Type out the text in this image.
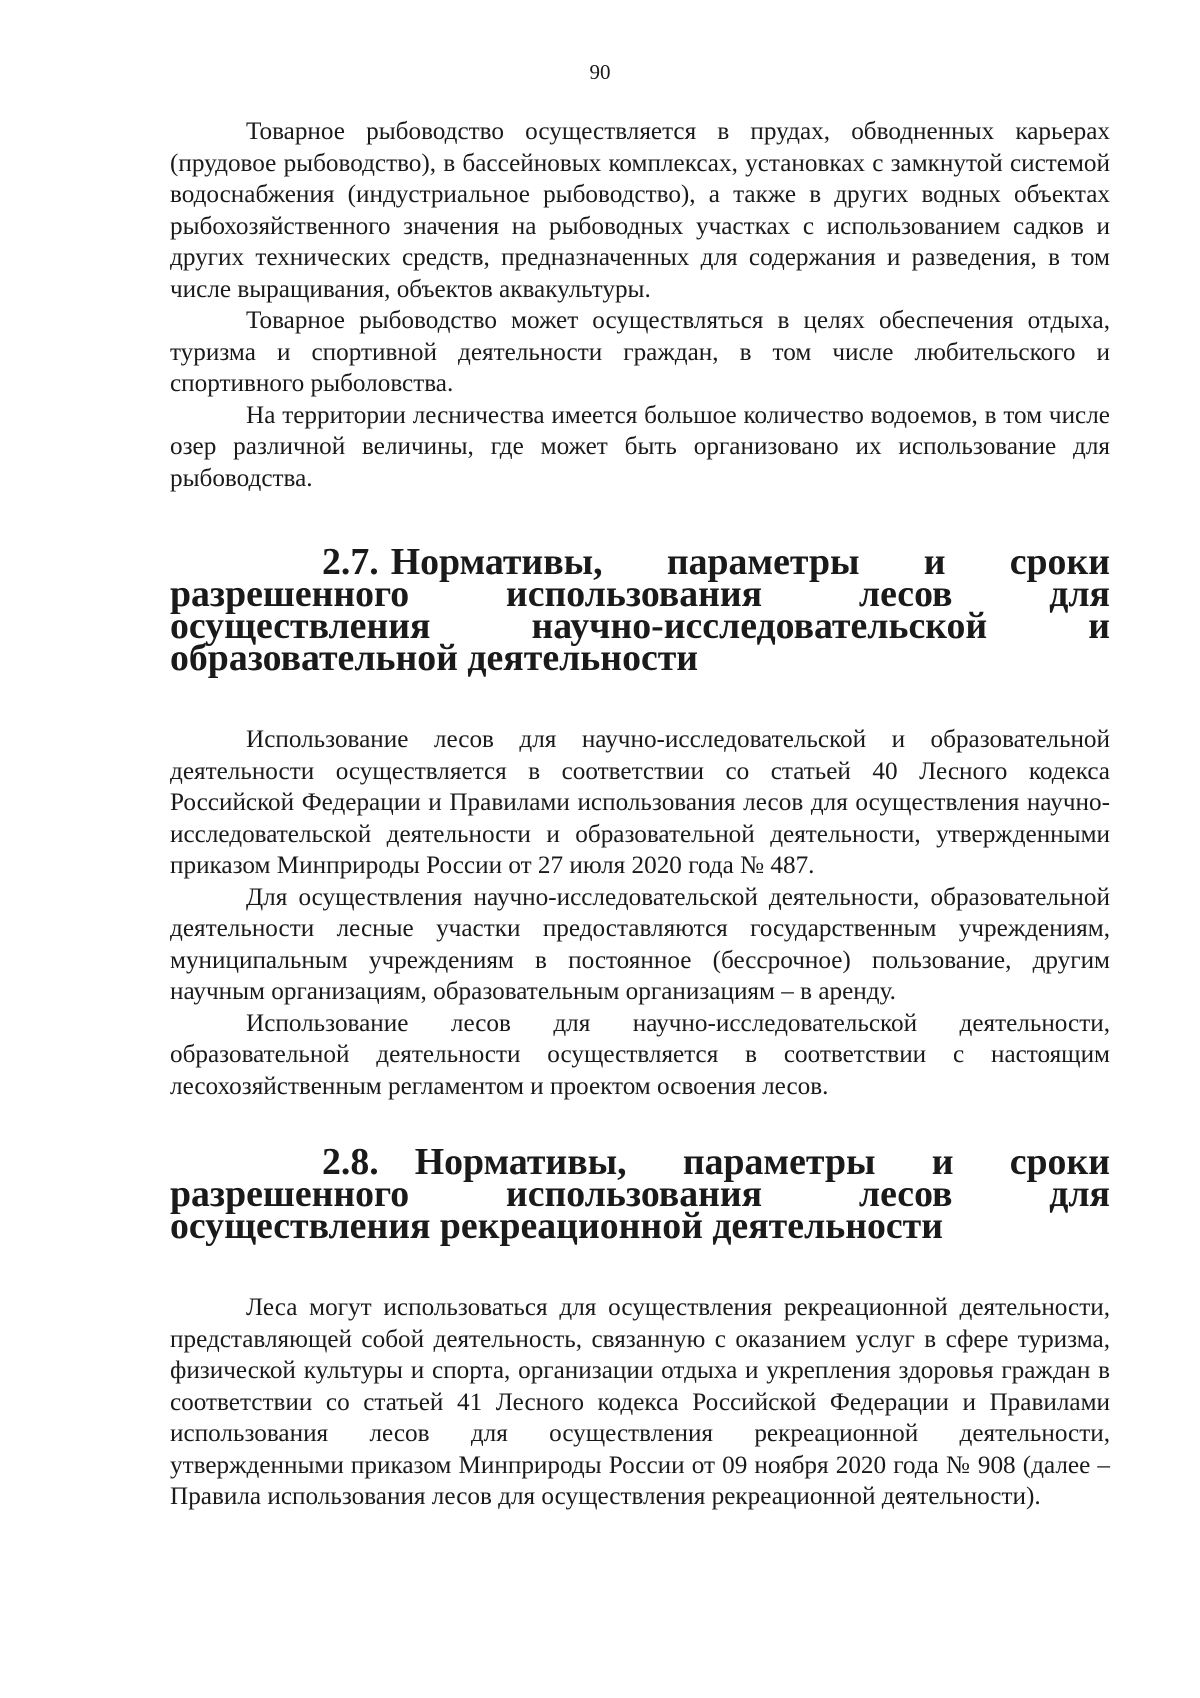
90

Товарное рыбоводство осуществляется в прудах, обводненных карьерах (прудовое рыбоводство), в бассейновых комплексах, установках с замкнутой системой водоснабжения (индустриальное рыбоводство), а также в других водных объектах рыбохозяйственного значения на рыбоводных участках с использованием садков и других технических средств, предназначенных для содержания и разведения, в том числе выращивания, объектов аквакультуры.

Товарное рыбоводство может осуществляться в целях обеспечения отдыха, туризма и спортивной деятельности граждан, в том числе любительского и спортивного рыболовства.

На территории лесничества имеется большое количество водоемов, в том числе озер различной величины, где может быть организовано их использование для рыбоводства.

2.7. Нормативы, параметры и сроки разрешенного использования лесов для осуществления научно-исследовательской и образовательной деятельности

Использование лесов для научно-исследовательской и образовательной деятельности осуществляется в соответствии со статьей 40 Лесного кодекса Российской Федерации и Правилами использования лесов для осуществления научно-исследовательской деятельности и образовательной деятельности, утвержденными приказом Минприроды России от 27 июля 2020 года № 487.

Для осуществления научно-исследовательской деятельности, образовательной деятельности лесные участки предоставляются государственным учреждениям, муниципальным учреждениям в постоянное (бессрочное) пользование, другим научным организациям, образовательным организациям – в аренду.

Использование лесов для научно-исследовательской деятельности, образовательной деятельности осуществляется в соответствии с настоящим лесохозяйственным регламентом и проектом освоения лесов.

2.8. Нормативы, параметры и сроки разрешенного использования лесов для осуществления рекреационной деятельности

Леса могут использоваться для осуществления рекреационной деятельности, представляющей собой деятельность, связанную с оказанием услуг в сфере туризма, физической культуры и спорта, организации отдыха и укрепления здоровья граждан в соответствии со статьей 41 Лесного кодекса Российской Федерации и Правилами использования лесов для осуществления рекреационной деятельности, утвержденными приказом Минприроды России от 09 ноября 2020 года № 908 (далее – Правила использования лесов для осуществления рекреационной деятельности).
